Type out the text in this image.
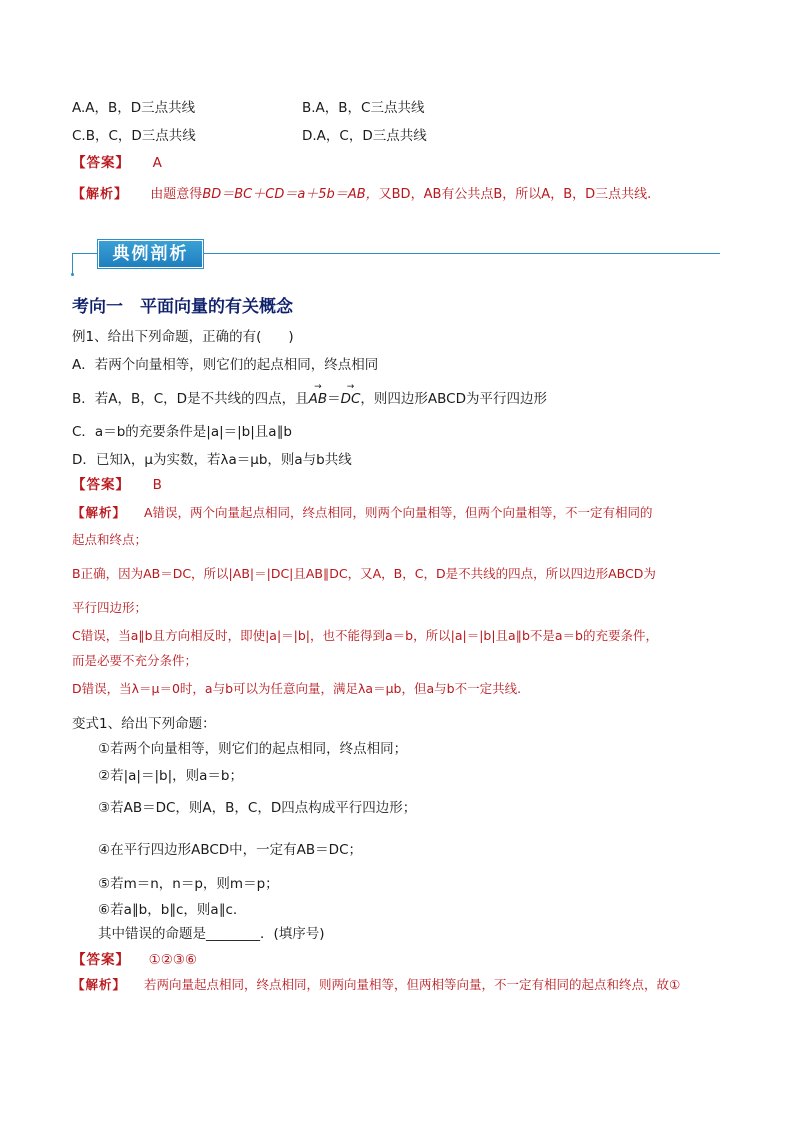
A.A，B，D三点共线	B.A，B，C三点共线
C.B，C，D三点共线	D.A，C，D三点共线
【答案】 A
【解析】 由题意得BD＝BC＋CD＝a＋5b＝AB，又BD，AB有公共点B，所以A，B，D三点共线.
典例剖析
考向一　平面向量的有关概念
例1、给出下列命题，正确的有(　　)
A．若两个向量相等，则它们的起点相同，终点相同
B．若A，B，C，D是不共线的四点，且→ AB＝→ DC，则四边形ABCD为平行四边形
C．a＝b的充要条件是|a|＝|b|且a∥b
D．已知λ，μ为实数，若λa＝μb，则a与b共线
【答案】 B
【解析】 A错误，两个向量起点相同，终点相同，则两个向量相等，但两个向量相等，不一定有相同的
起点和终点；
B正确，因为AB＝DC，所以|AB|＝|DC|且AB∥DC，又A，B，C，D是不共线的四点，所以四边形ABCD为
平行四边形；
C错误，当a∥b且方向相反时，即使|a|＝|b|，也不能得到a＝b，所以|a|＝|b|且a∥b不是a＝b的充要条件，
而是必要不充分条件；
D错误，当λ＝μ＝0时，a与b可以为任意向量，满足λa＝μb，但a与b不一定共线.
变式1、给出下列命题：
①若两个向量相等，则它们的起点相同，终点相同；
②若|a|＝|b|，则a＝b；
③若AB＝DC，则A，B，C，D四点构成平行四边形；
④在平行四边形ABCD中，一定有AB＝DC；
⑤若m＝n，n＝p，则m＝p；
⑥若a∥b，b∥c，则a∥c.
其中错误的命题是________．(填序号)
【答案】 ①②③⑥
【解析】 若两向量起点相同，终点相同，则两向量相等，但两相等向量，不一定有相同的起点和终点，故①
